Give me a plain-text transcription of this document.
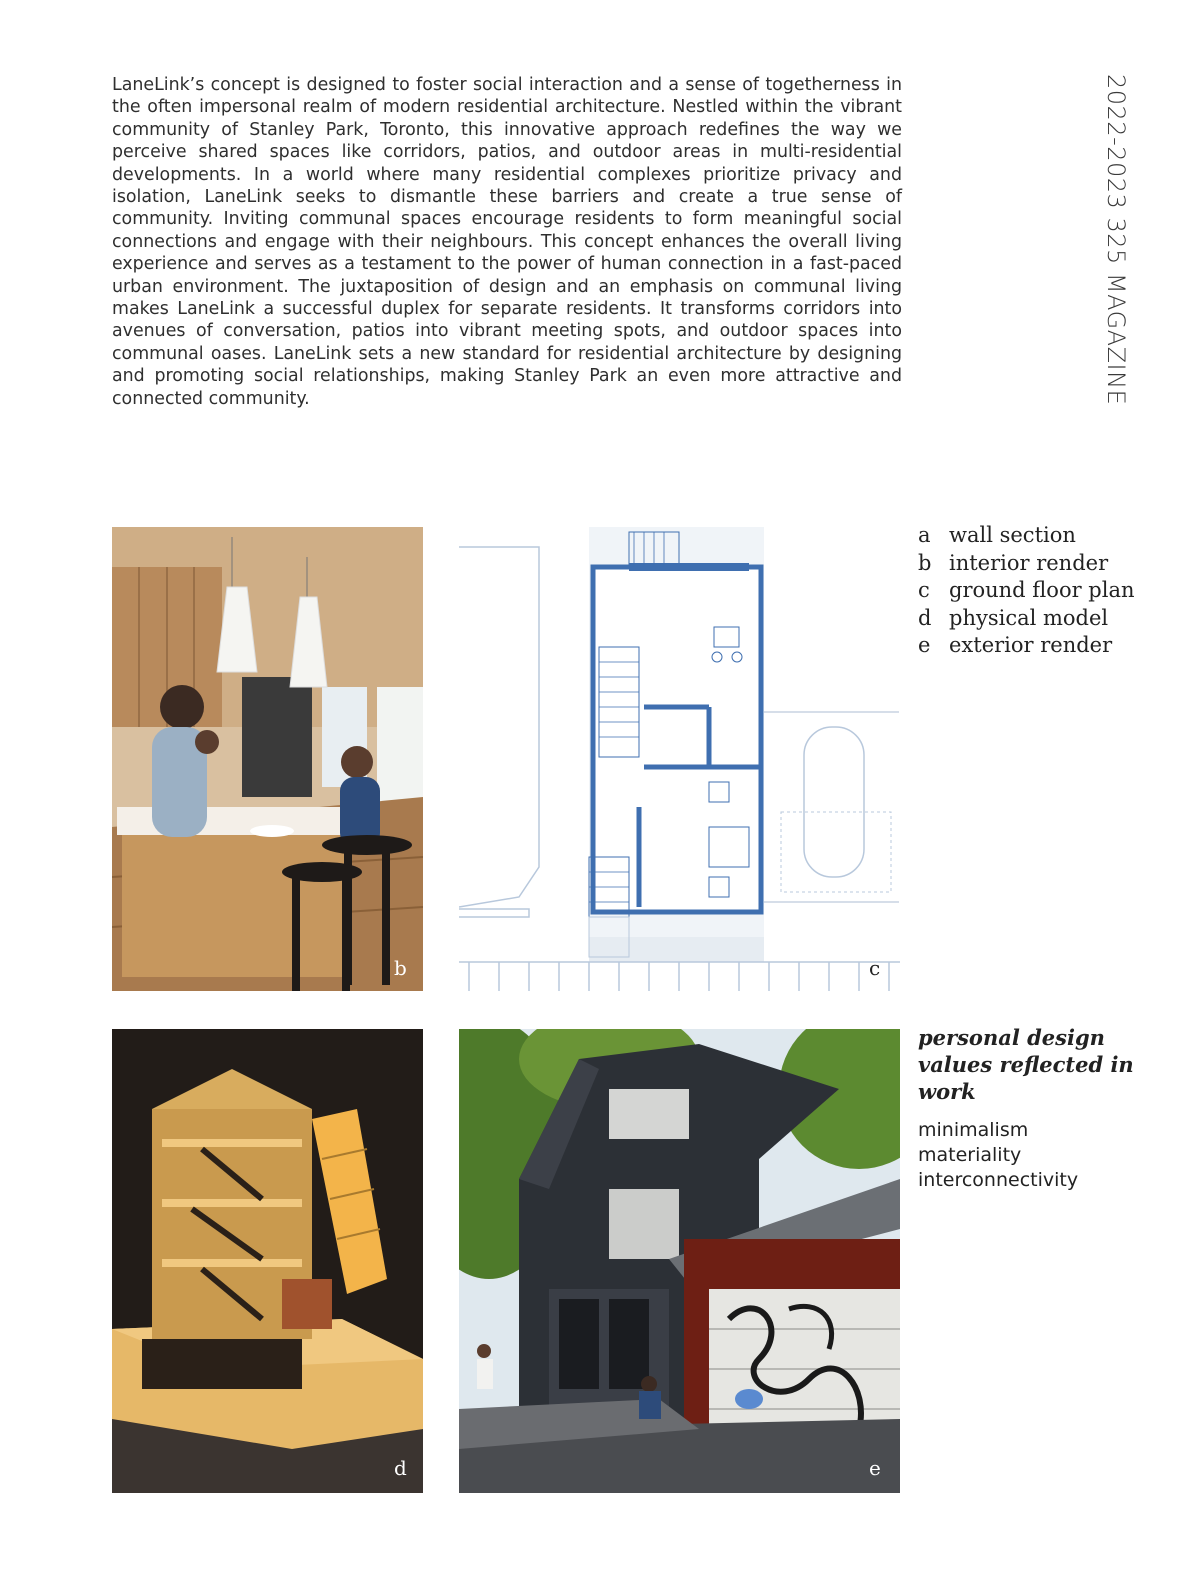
LaneLink’s concept is designed to foster social interaction and a sense of togetherness in the often impersonal realm of modern residential architecture. Nestled within the vibrant community of Stanley Park, Toronto, this innovative approach redefines the way we perceive shared spaces like corridors, patios, and outdoor areas in multi-residential developments. In a world where many residential complexes prioritize privacy and isolation, LaneLink seeks to dismantle these barriers and create a true sense of community. Inviting communal spaces encourage residents to form meaningful social connections and engage with their neighbours. This concept enhances the overall living experience and serves as a testament to the power of human connection in a fast-paced urban environment. The juxtaposition of design and an emphasis on communal living makes LaneLink a successful duplex for separate residents. It transforms corridors into avenues of conversation, patios into vibrant meeting spots, and outdoor spaces into communal oases. LaneLink sets a new standard for residential architecture by designing and promoting social relationships, making Stanley Park an even more attractive and connected community.	2022-2023 325 MAGAZINE
b	c
a wall section
b interior render
c ground floor plan
d physical model
e exterior render
d	e

personal design values reflected in work

minimalism
materiality
interconnectivity
